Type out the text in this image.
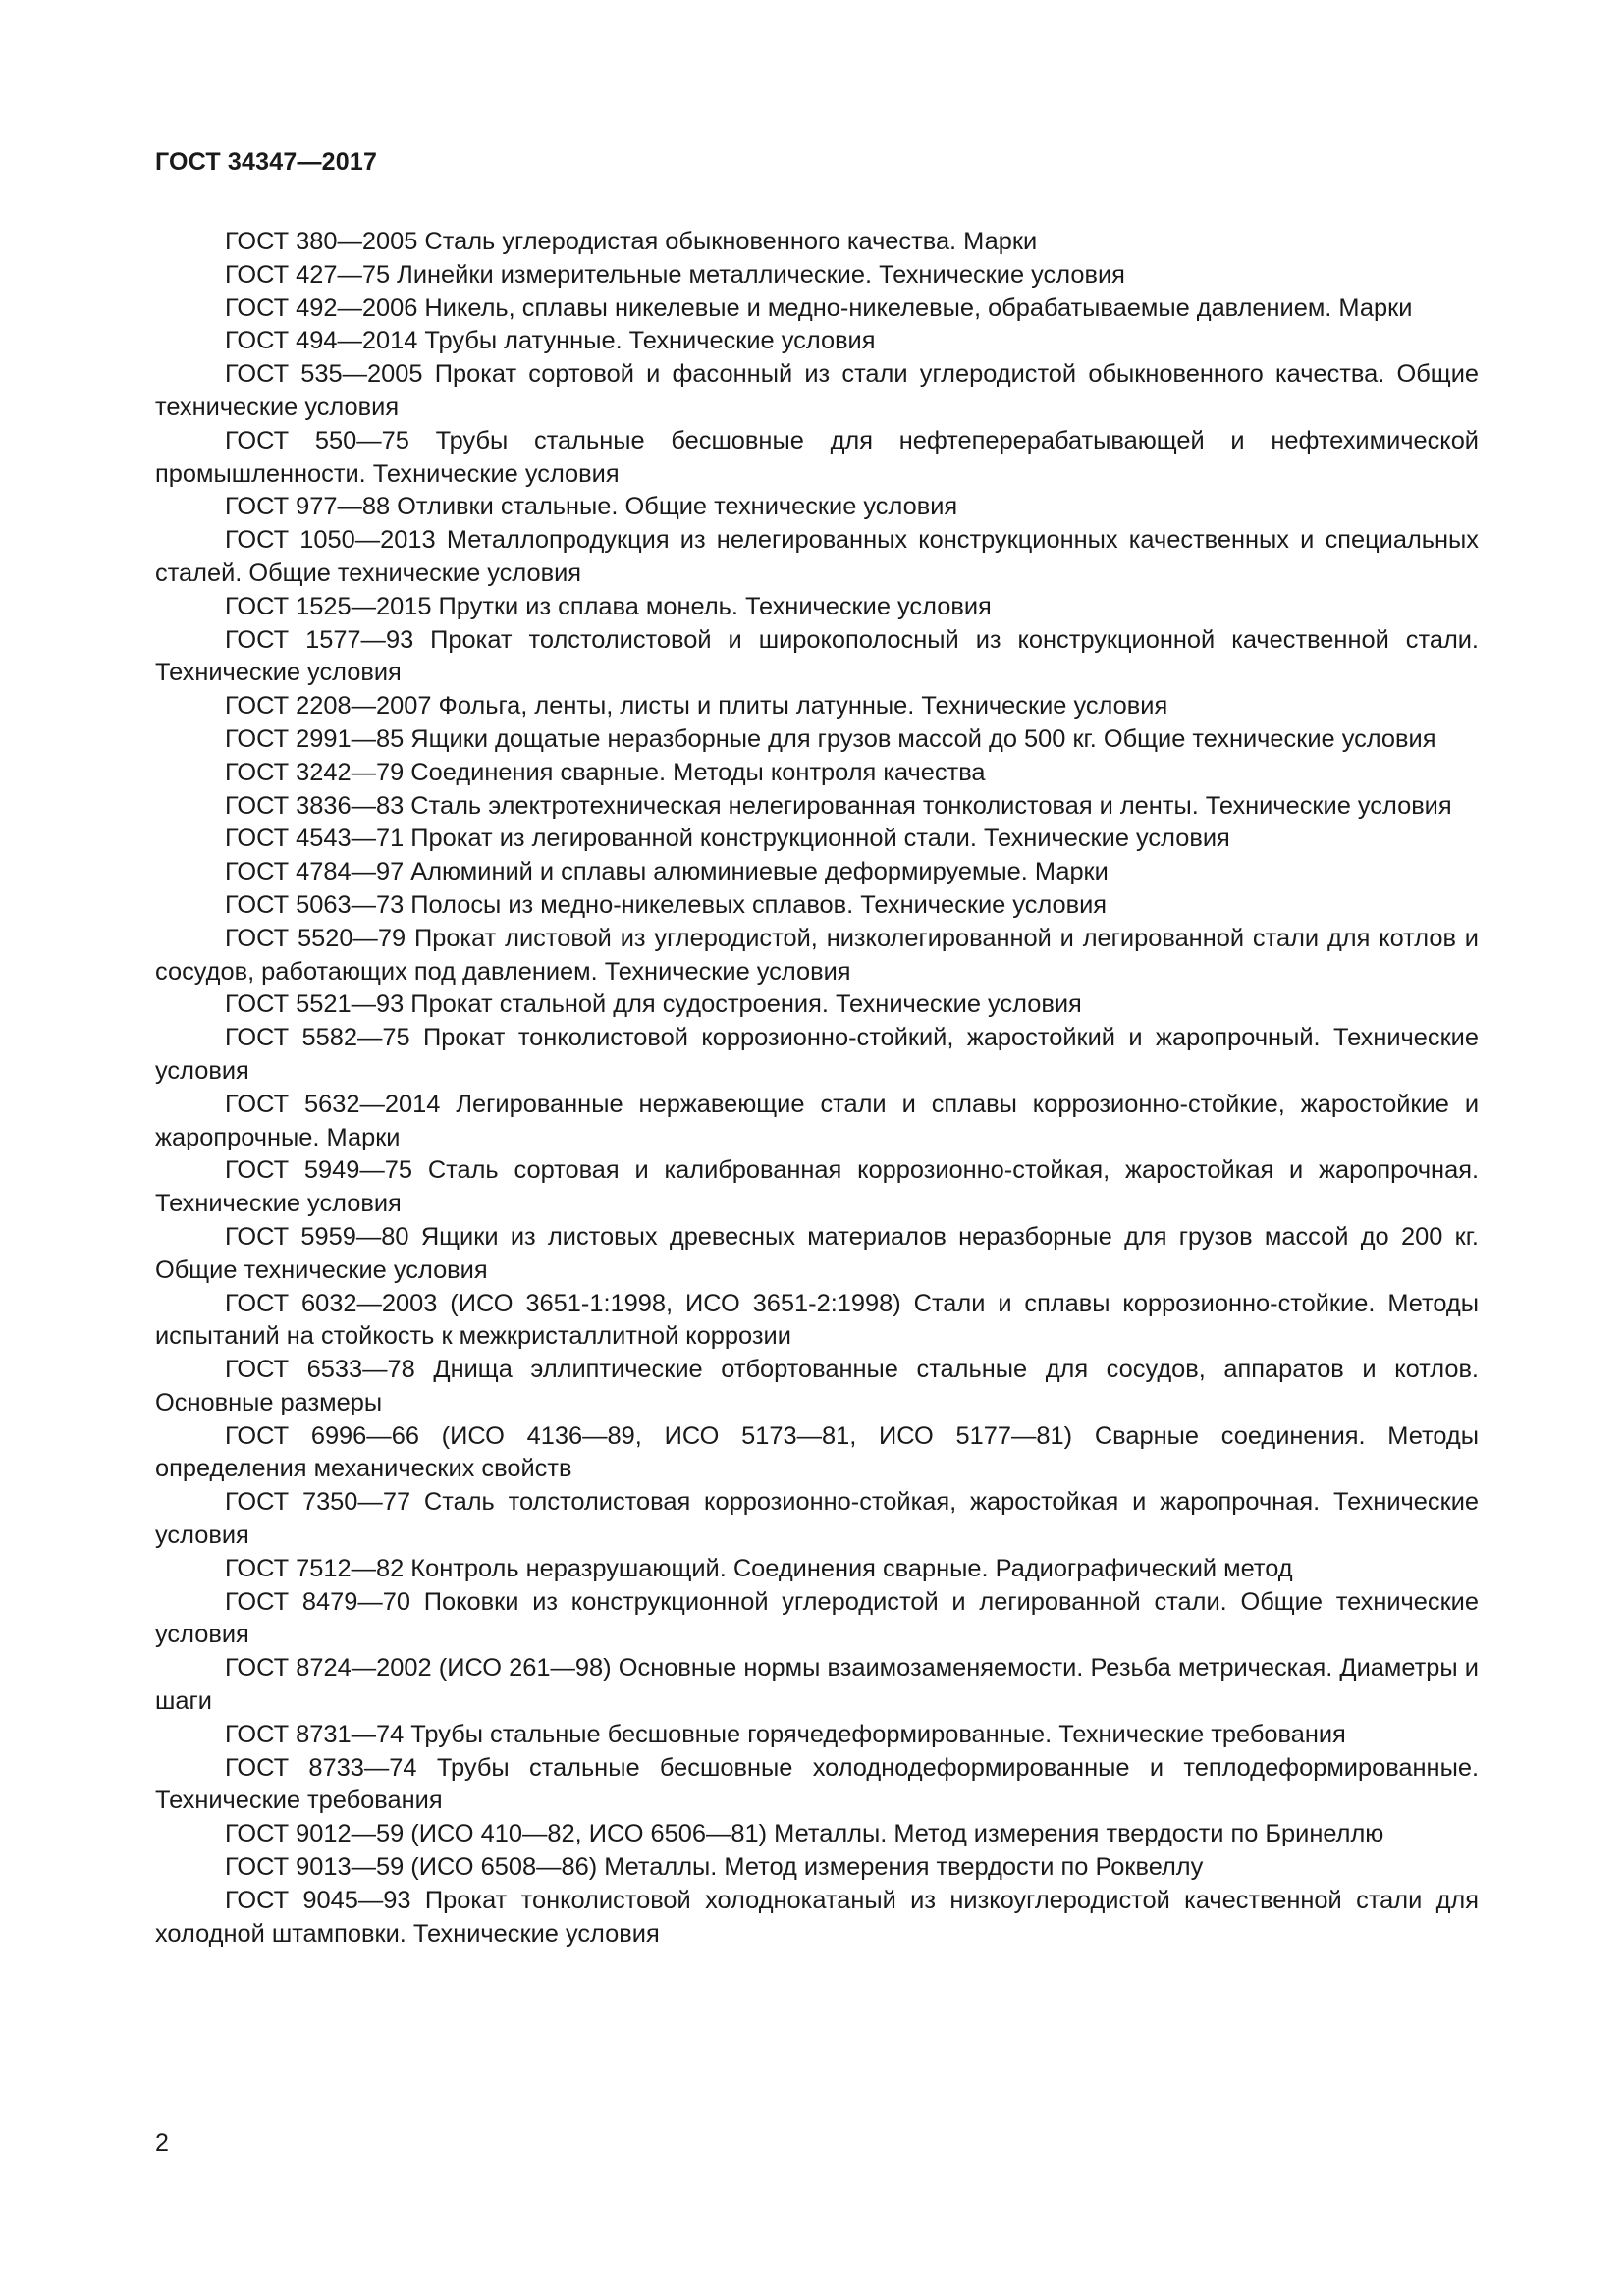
ГОСТ 34347—2017

ГОСТ 380—2005 Сталь углеродистая обыкновенного качества. Марки

ГОСТ 427—75 Линейки измерительные металлические. Технические условия

ГОСТ 492—2006 Никель, сплавы никелевые и медно-никелевые, обрабатываемые давлением. Марки

ГОСТ 494—2014 Трубы латунные. Технические условия

ГОСТ 535—2005 Прокат сортовой и фасонный из стали углеродистой обыкновенного качества. Общие технические условия

ГОСТ 550—75 Трубы стальные бесшовные для нефтеперерабатывающей и нефтехимической промышленности. Технические условия

ГОСТ 977—88 Отливки стальные. Общие технические условия

ГОСТ 1050—2013 Металлопродукция из нелегированных конструкционных качественных и специальных сталей. Общие технические условия

ГОСТ 1525—2015 Прутки из сплава монель. Технические условия

ГОСТ 1577—93 Прокат толстолистовой и широкополосный из конструкционной качественной стали. Технические условия

ГОСТ 2208—2007 Фольга, ленты, листы и плиты латунные. Технические условия

ГОСТ 2991—85 Ящики дощатые неразборные для грузов массой до 500 кг. Общие технические условия

ГОСТ 3242—79 Соединения сварные. Методы контроля качества

ГОСТ 3836—83 Сталь электротехническая нелегированная тонколистовая и ленты. Технические условия

ГОСТ 4543—71 Прокат из легированной конструкционной стали. Технические условия

ГОСТ 4784—97 Алюминий и сплавы алюминиевые деформируемые. Марки

ГОСТ 5063—73 Полосы из медно-никелевых сплавов. Технические условия

ГОСТ 5520—79 Прокат листовой из углеродистой, низколегированной и легированной стали для котлов и сосудов, работающих под давлением. Технические условия

ГОСТ 5521—93 Прокат стальной для судостроения. Технические условия

ГОСТ 5582—75 Прокат тонколистовой коррозионно-стойкий, жаростойкий и жаропрочный. Технические условия

ГОСТ 5632—2014 Легированные нержавеющие стали и сплавы коррозионно-стойкие, жаростойкие и жаропрочные. Марки

ГОСТ 5949—75 Сталь сортовая и калиброванная коррозионно-стойкая, жаростойкая и жаропрочная. Технические условия

ГОСТ 5959—80 Ящики из листовых древесных материалов неразборные для грузов массой до 200 кг. Общие технические условия

ГОСТ 6032—2003 (ИСО 3651-1:1998, ИСО 3651-2:1998) Стали и сплавы коррозионно-стойкие. Методы испытаний на стойкость к межкристаллитной коррозии

ГОСТ 6533—78 Днища эллиптические отбортованные стальные для сосудов, аппаратов и котлов. Основные размеры

ГОСТ 6996—66 (ИСО 4136—89, ИСО 5173—81, ИСО 5177—81) Сварные соединения. Методы определения механических свойств

ГОСТ 7350—77 Сталь толстолистовая коррозионно-стойкая, жаростойкая и жаропрочная. Технические условия

ГОСТ 7512—82 Контроль неразрушающий. Соединения сварные. Радиографический метод

ГОСТ 8479—70 Поковки из конструкционной углеродистой и легированной стали. Общие технические условия

ГОСТ 8724—2002 (ИСО 261—98) Основные нормы взаимозаменяемости. Резьба метрическая. Диаметры и шаги

ГОСТ 8731—74 Трубы стальные бесшовные горячедеформированные. Технические требования

ГОСТ 8733—74 Трубы стальные бесшовные холоднодеформированные и теплодеформированные. Технические требования

ГОСТ 9012—59 (ИСО 410—82, ИСО 6506—81) Металлы. Метод измерения твердости по Бринеллю

ГОСТ 9013—59 (ИСО 6508—86) Металлы. Метод измерения твердости по Роквеллу

ГОСТ 9045—93 Прокат тонколистовой холоднокатаный из низкоуглеродистой качественной стали для холодной штамповки. Технические условия

2
